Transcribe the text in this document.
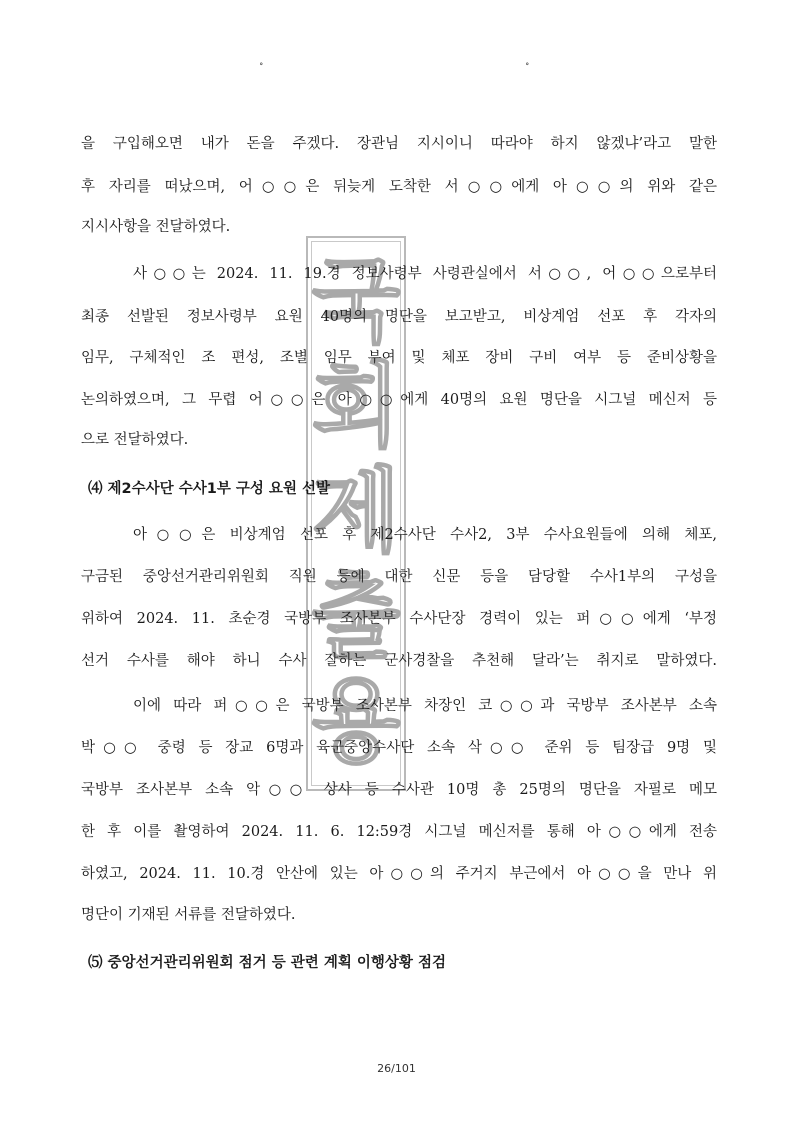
˚	˚
국
회
제
출
용
을 구입해오면 내가 돈을 주겠다. 장관님 지시이니 따라야 하지 않겠냐’라고 말한
후 자리를 떠났으며, 어○○은 뒤늦게 도착한 서○○에게 아○○의 위와 같은
지시사항을 전달하였다.
사○○는 2024. 11. 19.경 정보사령부 사령관실에서 서○○, 어○○으로부터
최종 선발된 정보사령부 요원 40명의 명단을 보고받고, 비상계엄 선포 후 각자의
임무, 구체적인 조 편성, 조별 임무 부여 및 체포 장비 구비 여부 등 준비상황을
논의하였으며, 그 무렵 어○○은 아○○에게 40명의 요원 명단을 시그널 메신저 등
으로 전달하였다.
⑷ 제2수사단 수사1부 구성 요원 선발
아○○은 비상계엄 선포 후 제2수사단 수사2, 3부 수사요원들에 의해 체포,
구금된 중앙선거관리위원회 직원 등에 대한 신문 등을 담당할 수사1부의 구성을
위하여 2024. 11. 초순경 국방부 조사본부 수사단장 경력이 있는 퍼○○에게 ‘부정
선거 수사를 해야 하니 수사 잘하는 군사경찰을 추천해 달라’는 취지로 말하였다.
이에 따라 퍼○○은 국방부 조사본부 차장인 코○○과 국방부 조사본부 소속
박○○ 중령 등 장교 6명과 육군중앙수사단 소속 삭○○ 준위 등 팀장급 9명 및
국방부 조사본부 소속 악○○ 상사 등 수사관 10명 총 25명의 명단을 자필로 메모
한 후 이를 촬영하여 2024. 11. 6. 12:59경 시그널 메신저를 통해 아○○에게 전송
하였고, 2024. 11. 10.경 안산에 있는 아○○의 주거지 부근에서 아○○을 만나 위
명단이 기재된 서류를 전달하였다.
⑸ 중앙선거관리위원회 점거 등 관련 계획 이행상황 점검
26/101
